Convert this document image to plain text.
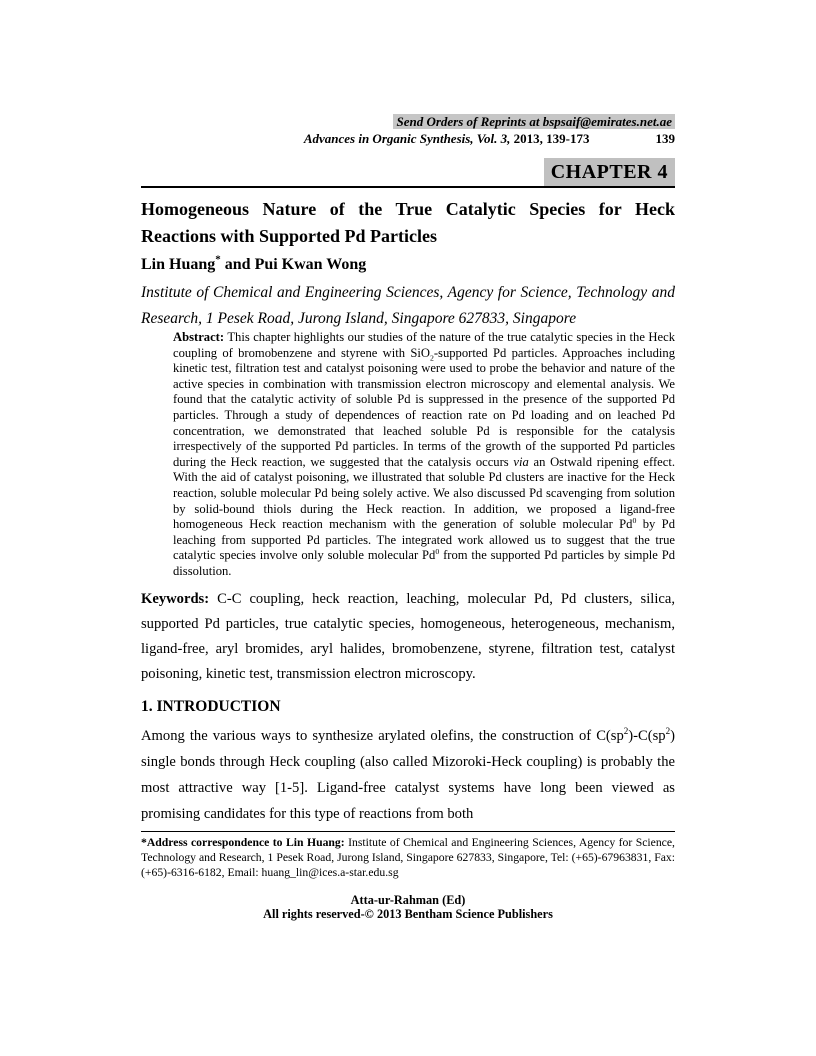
Send Orders of Reprints at bspsaif@emirates.net.ae
Advances in Organic Synthesis, Vol. 3, 2013, 139-173	139
CHAPTER 4
Homogeneous Nature of the True Catalytic Species for Heck Reactions with Supported Pd Particles
Lin Huang* and Pui Kwan Wong
Institute of Chemical and Engineering Sciences, Agency for Science, Technology and Research, 1 Pesek Road, Jurong Island, Singapore 627833, Singapore
Abstract: This chapter highlights our studies of the nature of the true catalytic species in the Heck coupling of bromobenzene and styrene with SiO$_2$-supported Pd particles. Approaches including kinetic test, filtration test and catalyst poisoning were used to probe the behavior and nature of the active species in combination with transmission electron microscopy and elemental analysis. We found that the catalytic activity of soluble Pd is suppressed in the presence of the supported Pd particles. Through a study of dependences of reaction rate on Pd loading and on leached Pd concentration, we demonstrated that leached soluble Pd is responsible for the catalysis irrespectively of the supported Pd particles. In terms of the growth of the supported Pd particles during the Heck reaction, we suggested that the catalysis occurs via an Ostwald ripening effect. With the aid of catalyst poisoning, we illustrated that soluble Pd clusters are inactive for the Heck reaction, soluble molecular Pd being solely active. We also discussed Pd scavenging from solution by solid-bound thiols during the Heck reaction. In addition, we proposed a ligand-free homogeneous Heck reaction mechanism with the generation of soluble molecular Pd$^0$ by Pd leaching from supported Pd particles. The integrated work allowed us to suggest that the true catalytic species involve only soluble molecular Pd$^0$ from the supported Pd particles by simple Pd dissolution.
Keywords: C-C coupling, heck reaction, leaching, molecular Pd, Pd clusters, silica, supported Pd particles, true catalytic species, homogeneous, heterogeneous, mechanism, ligand-free, aryl bromides, aryl halides, bromobenzene, styrene, filtration test, catalyst poisoning, kinetic test, transmission electron microscopy.
1. INTRODUCTION
Among the various ways to synthesize arylated olefins, the construction of $C(sp^2)-C(sp^2)$ single bonds through Heck coupling (also called Mizoroki-Heck coupling) is probably the most attractive way [1-5]. Ligand-free catalyst systems have long been viewed as promising candidates for this type of reactions from both
*Address correspondence to Lin Huang: Institute of Chemical and Engineering Sciences, Agency for Science, Technology and Research, 1 Pesek Road, Jurong Island, Singapore 627833, Singapore, Tel: (+65)-67963831, Fax: (+65)-6316-6182, Email: huang_lin@ices.a-star.edu.sg
Atta-ur-Rahman (Ed)
All rights reserved-© 2013 Bentham Science Publishers
